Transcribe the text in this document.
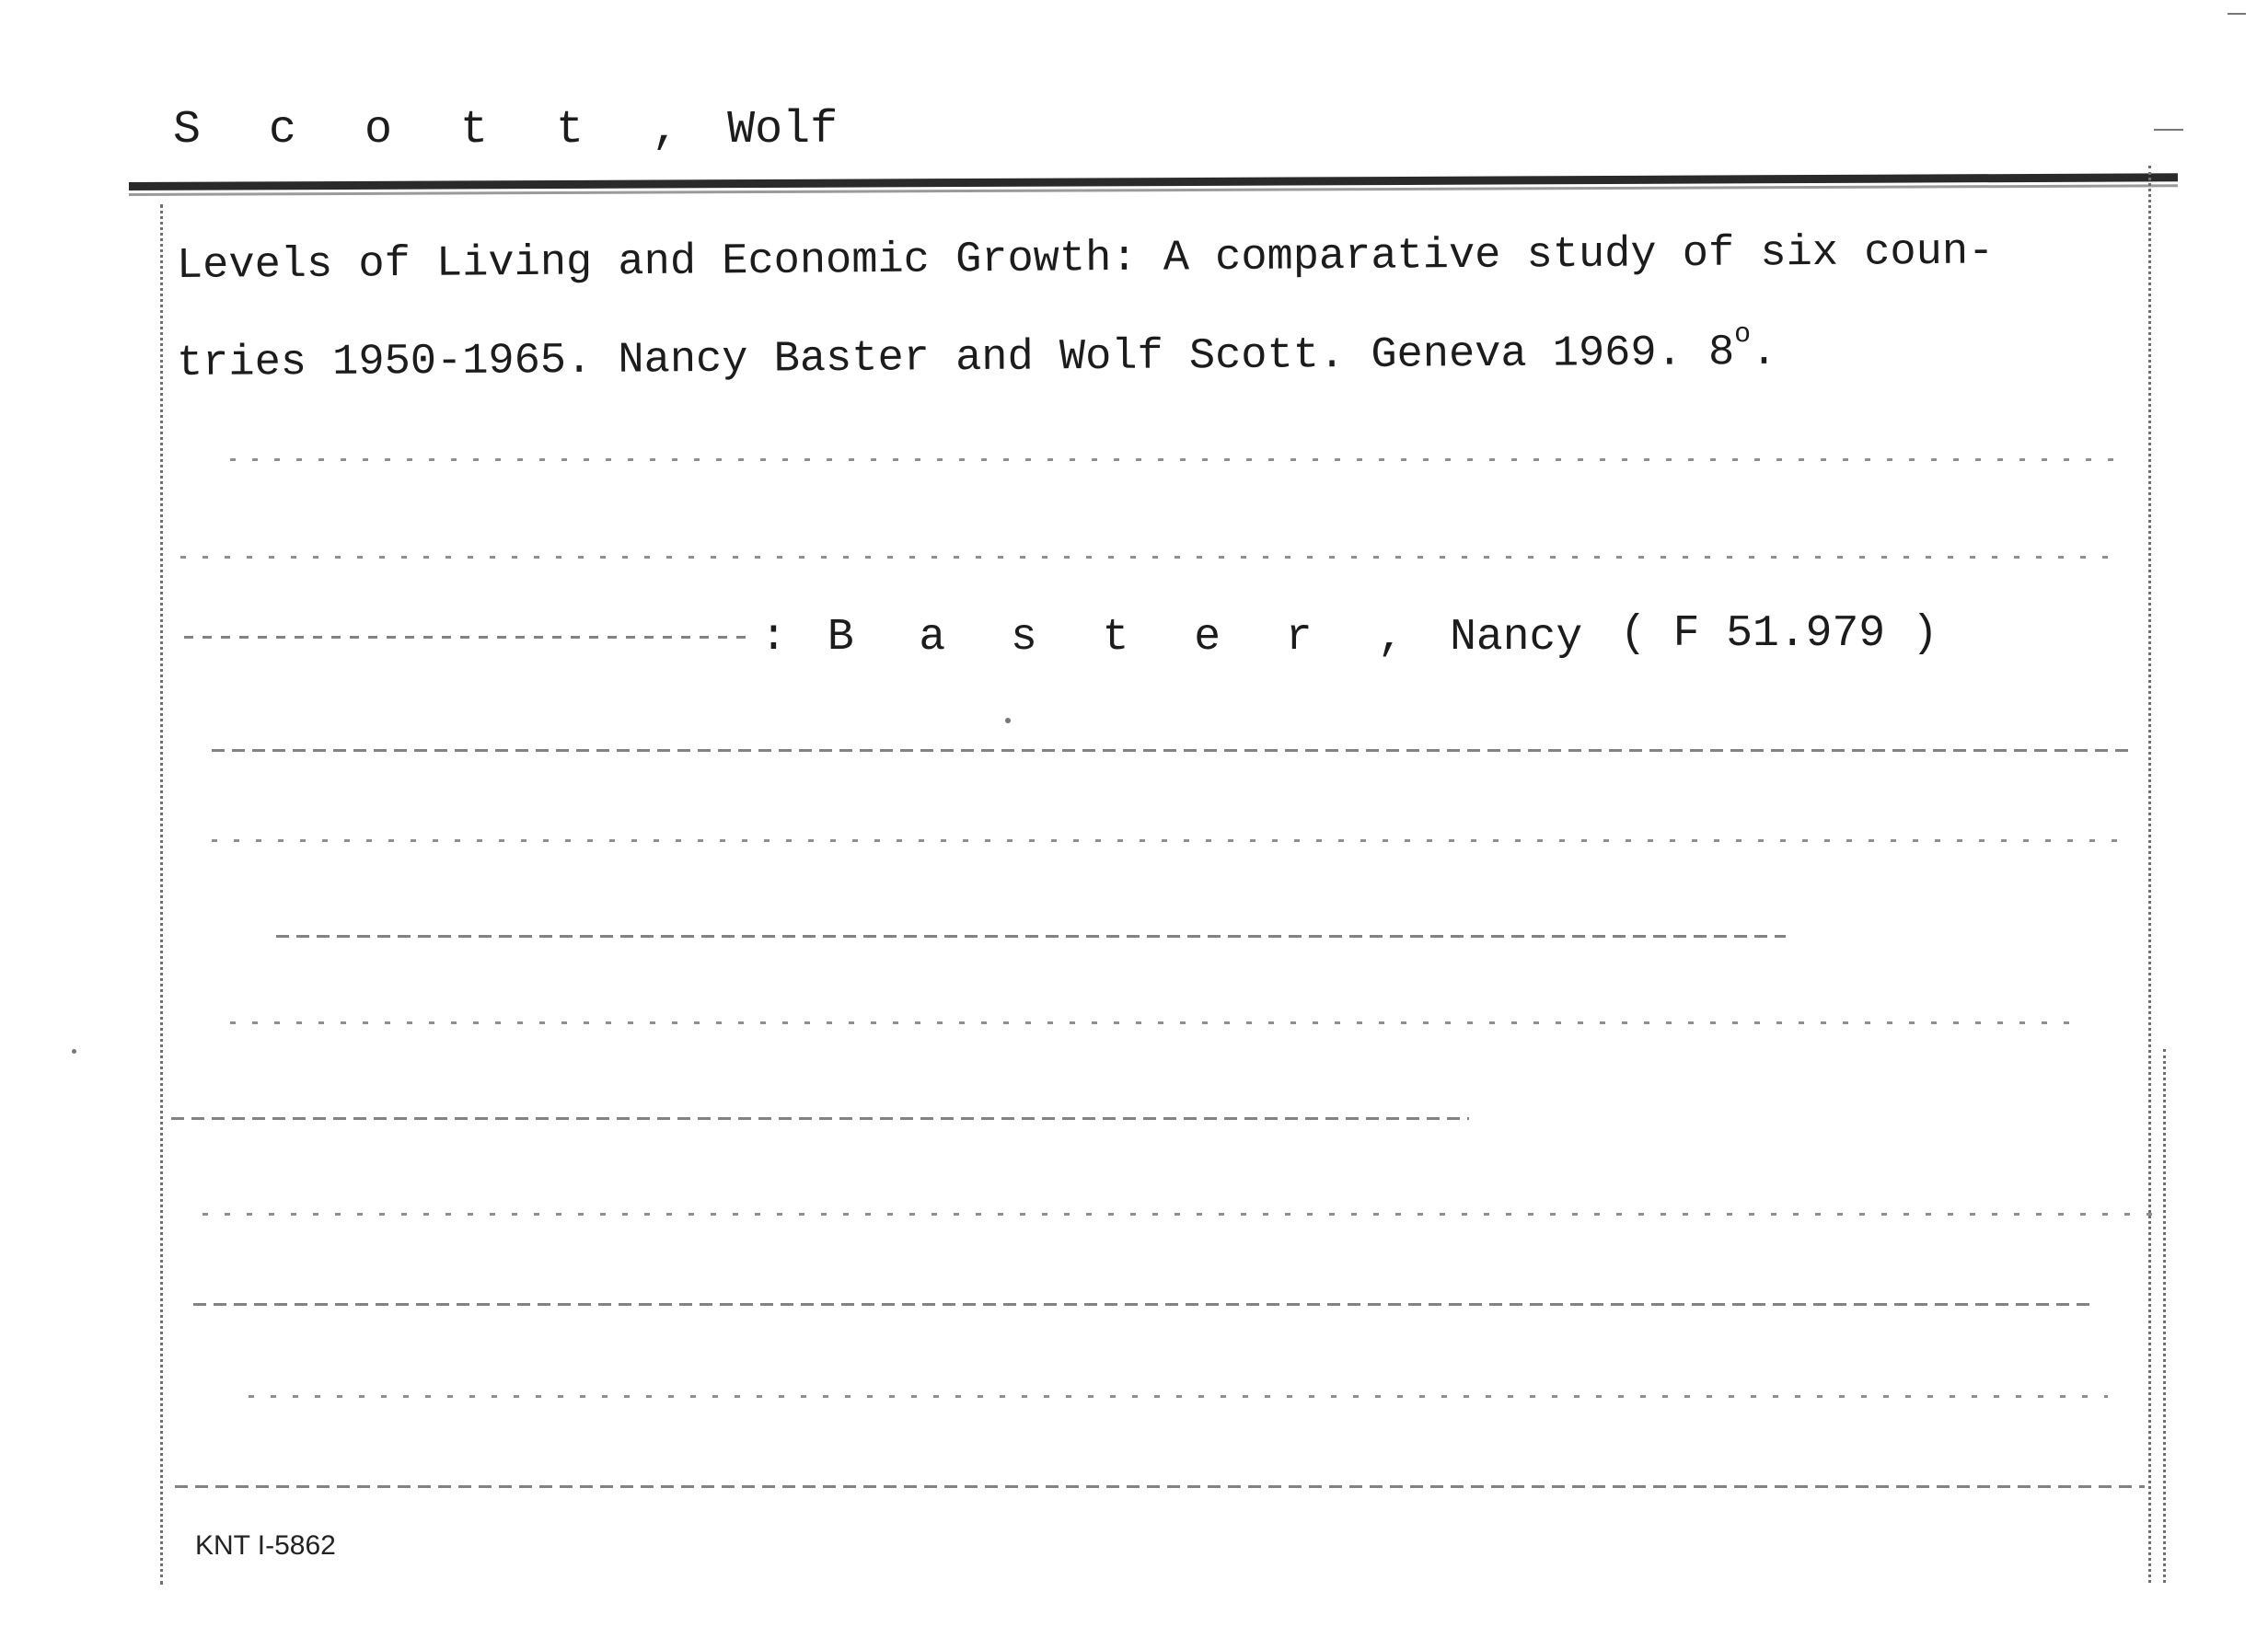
S c o t t , Wolf
Levels of Living and Economic Growth: A comparative study of six coun-
tries 1950-1965. Nancy Baster and Wolf Scott. Geneva 1969. 8$^o$.
: B a s t e r , Nancy ( F 51.979 )
KNT I-5862
